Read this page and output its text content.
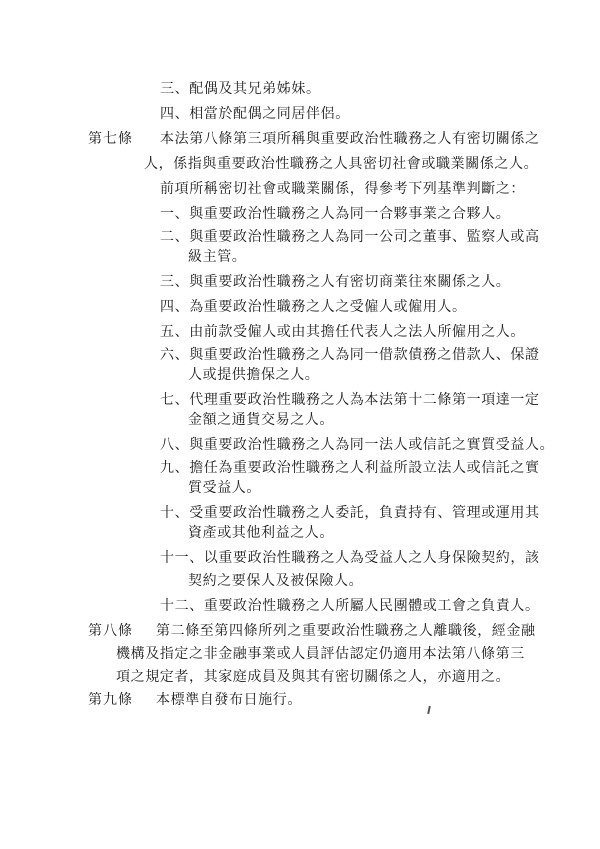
三、配偶及其兄弟姊妹。
四、相當於配偶之同居伴侶。
第七條 本法第八條第三項所稱與重要政治性職務之人有密切關係之
人，係指與重要政治性職務之人具密切社會或職業關係之人。
前項所稱密切社會或職業關係，得參考下列基準判斷之：
一、與重要政治性職務之人為同一合夥事業之合夥人。
二、與重要政治性職務之人為同一公司之董事、監察人或高
級主管。
三、與重要政治性職務之人有密切商業往來關係之人。
四、為重要政治性職務之人之受僱人或僱用人。
五、由前款受僱人或由其擔任代表人之法人所僱用之人。
六、與重要政治性職務之人為同一借款債務之借款人、保證
人或提供擔保之人。
七、代理重要政治性職務之人為本法第十二條第一項達一定
金額之通貨交易之人。
八、與重要政治性職務之人為同一法人或信託之實質受益人。
九、擔任為重要政治性職務之人利益所設立法人或信託之實
質受益人。
十、受重要政治性職務之人委託，負責持有、管理或運用其
資產或其他利益之人。
十一、以重要政治性職務之人為受益人之人身保險契約，該
契約之要保人及被保險人。
十二、重要政治性職務之人所屬人民團體或工會之負責人。
第八條 第二條至第四條所列之重要政治性職務之人離職後，經金融
機構及指定之非金融事業或人員評估認定仍適用本法第八條第三
項之規定者，其家庭成員及與其有密切關係之人，亦適用之。
第九條 本標準自發布日施行。
